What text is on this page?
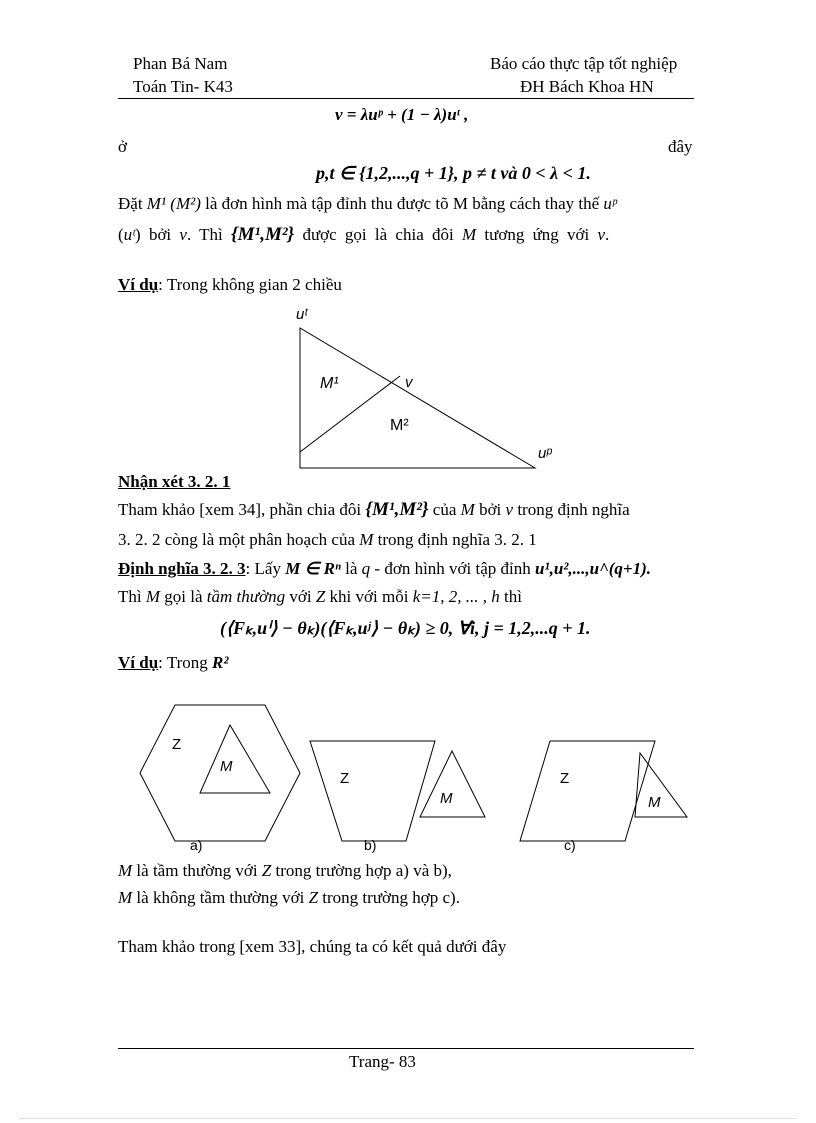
Phan Bá Nam
Toán Tin- K43
Báo cáo thực tập tốt nghiệp
ĐH Bách Khoa HN
v = λuᵖ + (1 − λ)uᵗ ,
ở	đây
p,t ∈ {1,2,...,q + 1}, p ≠ t và 0 < λ < 1.
Đặt M¹ (M²) là đơn hình mà tập đỉnh thu được tõ M bằng cách thay thế uᵖ
(uᵗ) bởi v. Thì {M¹,M²} được gọi là chia đôi M tương ứng với v.
Ví dụ: Trong không gian 2 chiều
uᵗ
M¹	v
M²
uᵖ
Nhận xét 3. 2. 1
Tham khảo [xem 34], phần chia đôi {M¹,M²} của M bởi v trong định nghĩa
3. 2. 2 còng là một phân hoạch của M trong định nghĩa 3. 2. 1
Định nghĩa 3. 2. 3: Lấy M ∈ Rⁿ là q - đơn hình với tập đỉnh u¹,u²,...,u^(q+1).
Thì M gọi là tầm thường với Z khi với mỗi k=1, 2, ... , h thì
(⟨Fₖ,uⁱ⟩ − θₖ)(⟨Fₖ,uʲ⟩ − θₖ) ≥ 0, ∀i, j = 1,2,...q + 1.
Ví dụ: Trong R²
Z
M
a)
Z
M
b)
Z
M
c)
M là tầm thường với Z trong trường hợp a) và b),
M là không tầm thường với Z trong trường hợp c).
Tham khảo trong [xem 33], chúng ta có kết quả dưới đây
Trang- 83
